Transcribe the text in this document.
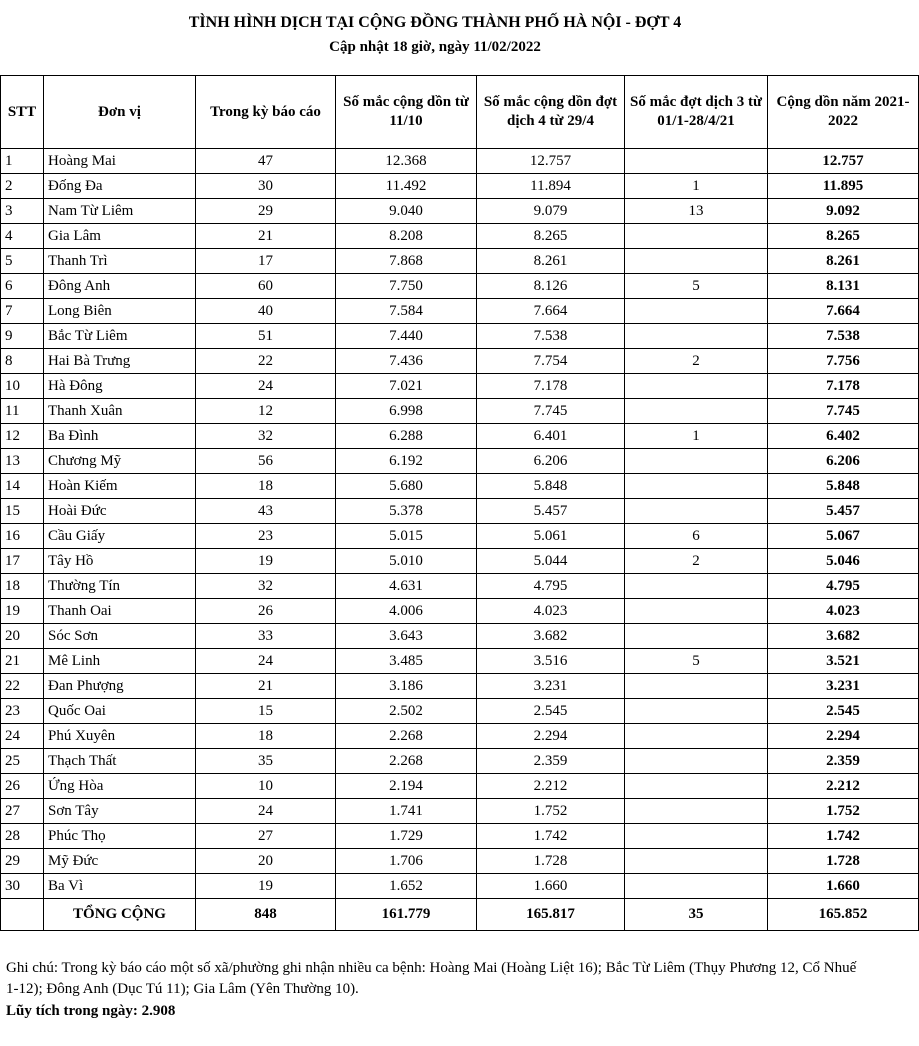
TÌNH HÌNH DỊCH TẠI CỘNG ĐỒNG THÀNH PHỐ HÀ NỘI - ĐỢT 4
Cập nhật 18 giờ, ngày 11/02/2022
STT	Đơn vị	Trong kỳ báo cáo	Số mắc cộng dồn từ 11/10	Số mắc cộng dồn đợt dịch 4 từ 29/4	Số mắc đợt dịch 3 từ 01/1-28/4/21	Cộng dồn năm 2021-2022
1	Hoàng Mai	47	12.368	12.757		12.757
2	Đống Đa	30	11.492	11.894	1	11.895
3	Nam Từ Liêm	29	9.040	9.079	13	9.092
4	Gia Lâm	21	8.208	8.265		8.265
5	Thanh Trì	17	7.868	8.261		8.261
6	Đông Anh	60	7.750	8.126	5	8.131
7	Long Biên	40	7.584	7.664		7.664
9	Bắc Từ Liêm	51	7.440	7.538		7.538
8	Hai Bà Trưng	22	7.436	7.754	2	7.756
10	Hà Đông	24	7.021	7.178		7.178
11	Thanh Xuân	12	6.998	7.745		7.745
12	Ba Đình	32	6.288	6.401	1	6.402
13	Chương Mỹ	56	6.192	6.206		6.206
14	Hoàn Kiếm	18	5.680	5.848		5.848
15	Hoài Đức	43	5.378	5.457		5.457
16	Cầu Giấy	23	5.015	5.061	6	5.067
17	Tây Hồ	19	5.010	5.044	2	5.046
18	Thường Tín	32	4.631	4.795		4.795
19	Thanh Oai	26	4.006	4.023		4.023
20	Sóc Sơn	33	3.643	3.682		3.682
21	Mê Linh	24	3.485	3.516	5	3.521
22	Đan Phượng	21	3.186	3.231		3.231
23	Quốc Oai	15	2.502	2.545		2.545
24	Phú Xuyên	18	2.268	2.294		2.294
25	Thạch Thất	35	2.268	2.359		2.359
26	Ứng Hòa	10	2.194	2.212		2.212
27	Sơn Tây	24	1.741	1.752		1.752
28	Phúc Thọ	27	1.729	1.742		1.742
29	Mỹ Đức	20	1.706	1.728		1.728
30	Ba Vì	19	1.652	1.660		1.660
	TỔNG CỘNG	848	161.779	165.817	35	165.852
Ghi chú: Trong kỳ báo cáo một số xã/phường ghi nhận nhiều ca bệnh: Hoàng Mai (Hoàng Liệt 16); Bắc Từ Liêm (Thụy Phương 12, Cổ Nhuế 1-12); Đông Anh (Dục Tú 11); Gia Lâm (Yên Thường 10).
Lũy tích trong ngày: 2.908
